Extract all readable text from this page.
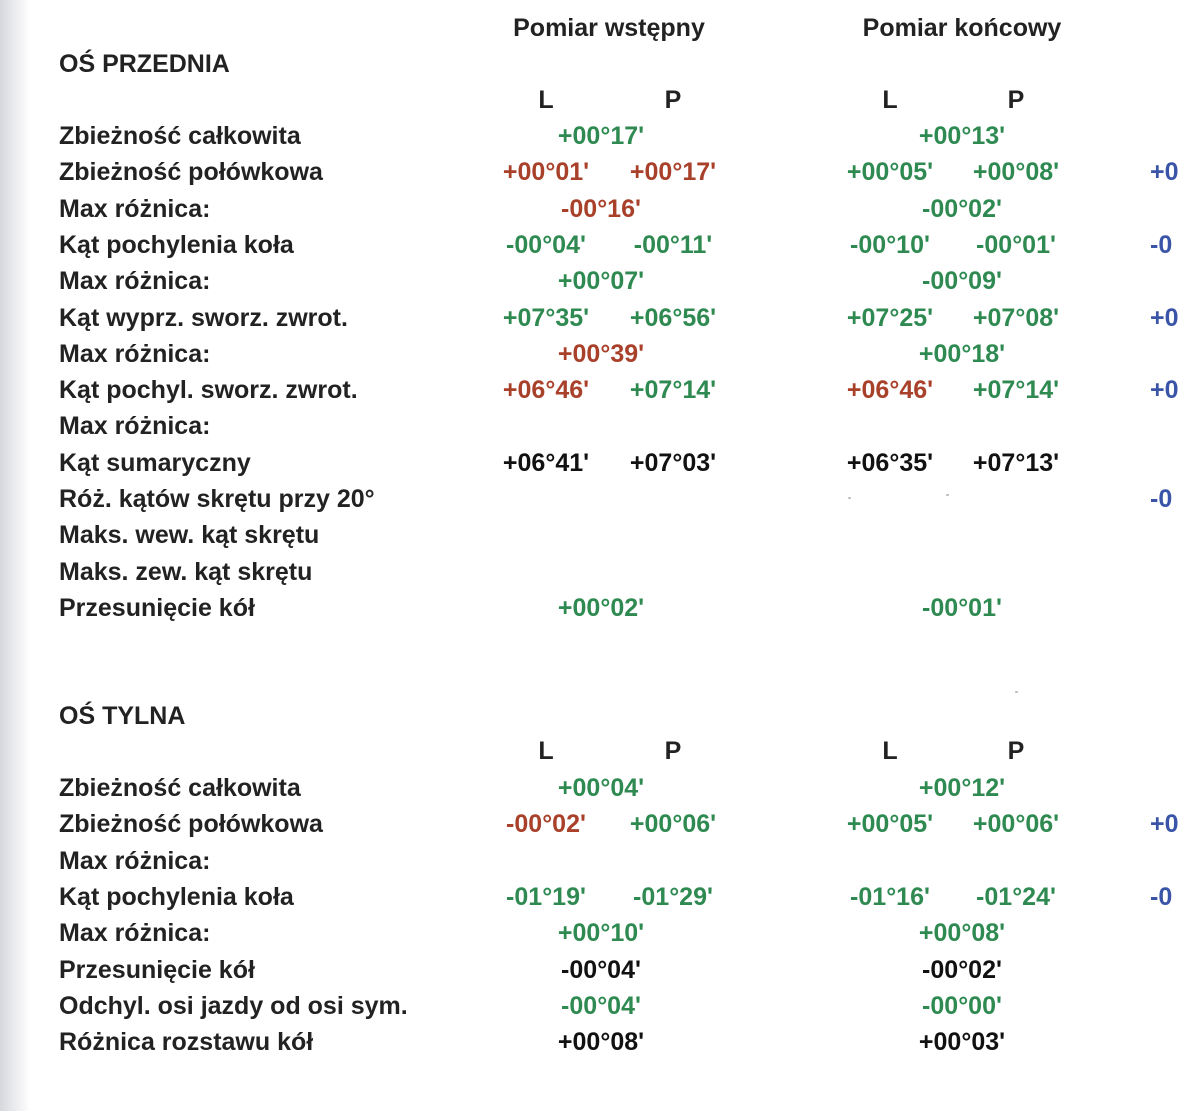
Pomiar wstępny	Pomiar końcowy
OŚ PRZEDNIA
L	P	L	P
Zbieżność całkowita	+00°17'	+00°13'
Zbieżność połówkowa	+00°01' +00°17'	+00°05' +00°08'	+0
Max różnica:	-00°16'	-00°02'
Kąt pochylenia koła	-00°04' -00°11'	-00°10' -00°01'	-0
Max różnica:	+00°07'	-00°09'
Kąt wyprz. sworz. zwrot.	+07°35' +06°56'	+07°25' +07°08'	+0
Max różnica:	+00°39'	+00°18'
Kąt pochyl. sworz. zwrot.	+06°46' +07°14'	+06°46' +07°14'	+0
Max różnica:
Kąt sumaryczny	+06°41' +07°03'	+06°35' +07°13'
Róż. kątów skrętu przy 20°	-0
Maks. wew. kąt skrętu
Maks. zew. kąt skrętu
Przesunięcie kół	+00°02'	-00°01'
OŚ TYLNA
L	P	L	P
Zbieżność całkowita	+00°04'	+00°12'
Zbieżność połówkowa	-00°02' +00°06'	+00°05' +00°06'	+0
Max różnica:
Kąt pochylenia koła	-01°19' -01°29'	-01°16' -01°24'	-0
Max różnica:	+00°10'	+00°08'
Przesunięcie kół	-00°04'	-00°02'
Odchyl. osi jazdy od osi sym.	-00°04'	-00°00'
Różnica rozstawu kół	+00°08'	+00°03'
